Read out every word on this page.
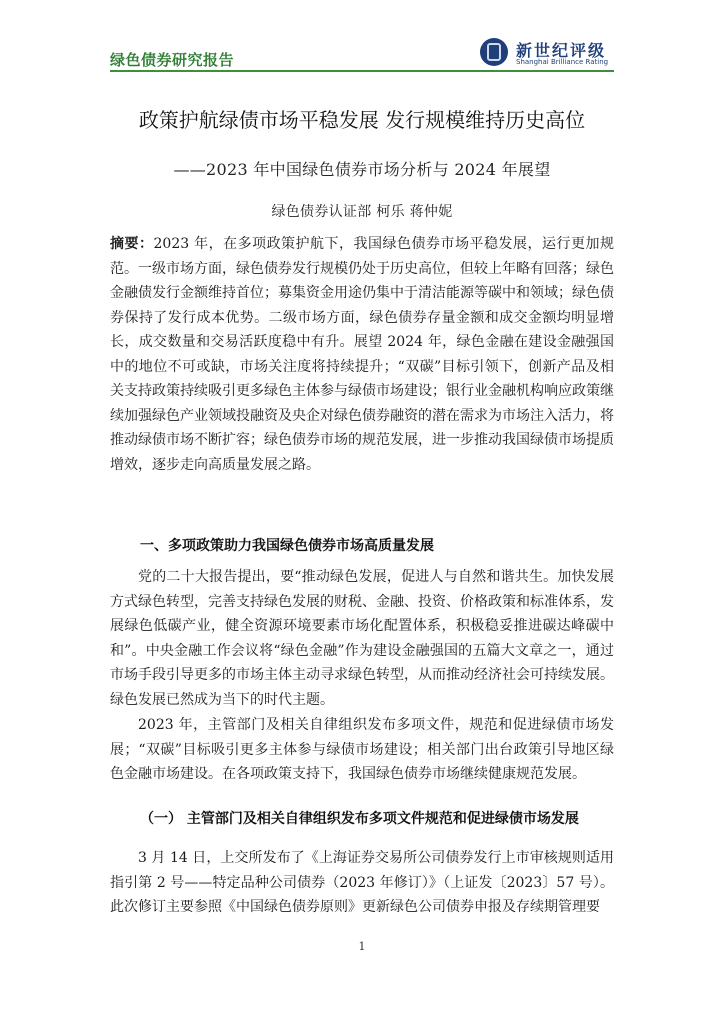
绿色债券研究报告	新世纪评级
Shanghai Brilliance Rating
政策护航绿债市场平稳发展 发行规模维持历史高位
——2023 年中国绿色债券市场分析与 2024 年展望
绿色债券认证部 柯乐 蒋仲妮

摘要：2023 年，在多项政策护航下，我国绿色债券市场平稳发展，运行更加规范。一级市场方面，绿色债券发行规模仍处于历史高位，但较上年略有回落；绿色金融债发行金额维持首位；募集资金用途仍集中于清洁能源等碳中和领域；绿色债券保持了发行成本优势。二级市场方面，绿色债券存量金额和成交金额均明显增长，成交数量和交易活跃度稳中有升。展望 2024 年，绿色金融在建设金融强国中的地位不可或缺，市场关注度将持续提升；“双碳”目标引领下，创新产品及相关支持政策持续吸引更多绿色主体参与绿债市场建设；银行业金融机构响应政策继续加强绿色产业领域投融资及央企对绿色债券融资的潜在需求为市场注入活力，将推动绿债市场不断扩容；绿色债券市场的规范发展，进一步推动我国绿债市场提质增效，逐步走向高质量发展之路。

一、多项政策助力我国绿色债券市场高质量发展

党的二十大报告提出，要“推动绿色发展，促进人与自然和谐共生。加快发展方式绿色转型，完善支持绿色发展的财税、金融、投资、价格政策和标准体系，发展绿色低碳产业，健全资源环境要素市场化配置体系，积极稳妥推进碳达峰碳中和”。中央金融工作会议将“绿色金融”作为建设金融强国的五篇大文章之一，通过市场手段引导更多的市场主体主动寻求绿色转型，从而推动经济社会可持续发展。绿色发展已然成为当下的时代主题。

2023 年，主管部门及相关自律组织发布多项文件，规范和促进绿债市场发展；“双碳”目标吸引更多主体参与绿债市场建设；相关部门出台政策引导地区绿色金融市场建设。在各项政策支持下，我国绿色债券市场继续健康规范发展。

（一） 主管部门及相关自律组织发布多项文件规范和促进绿债市场发展

3 月 14 日，上交所发布了《上海证券交易所公司债券发行上市审核规则适用指引第 2 号——特定品种公司债券（2023 年修订）》（上证发〔2023〕57 号）。此次修订主要参照《中国绿色债券原则》更新绿色公司债券申报及存续期管理要

1
